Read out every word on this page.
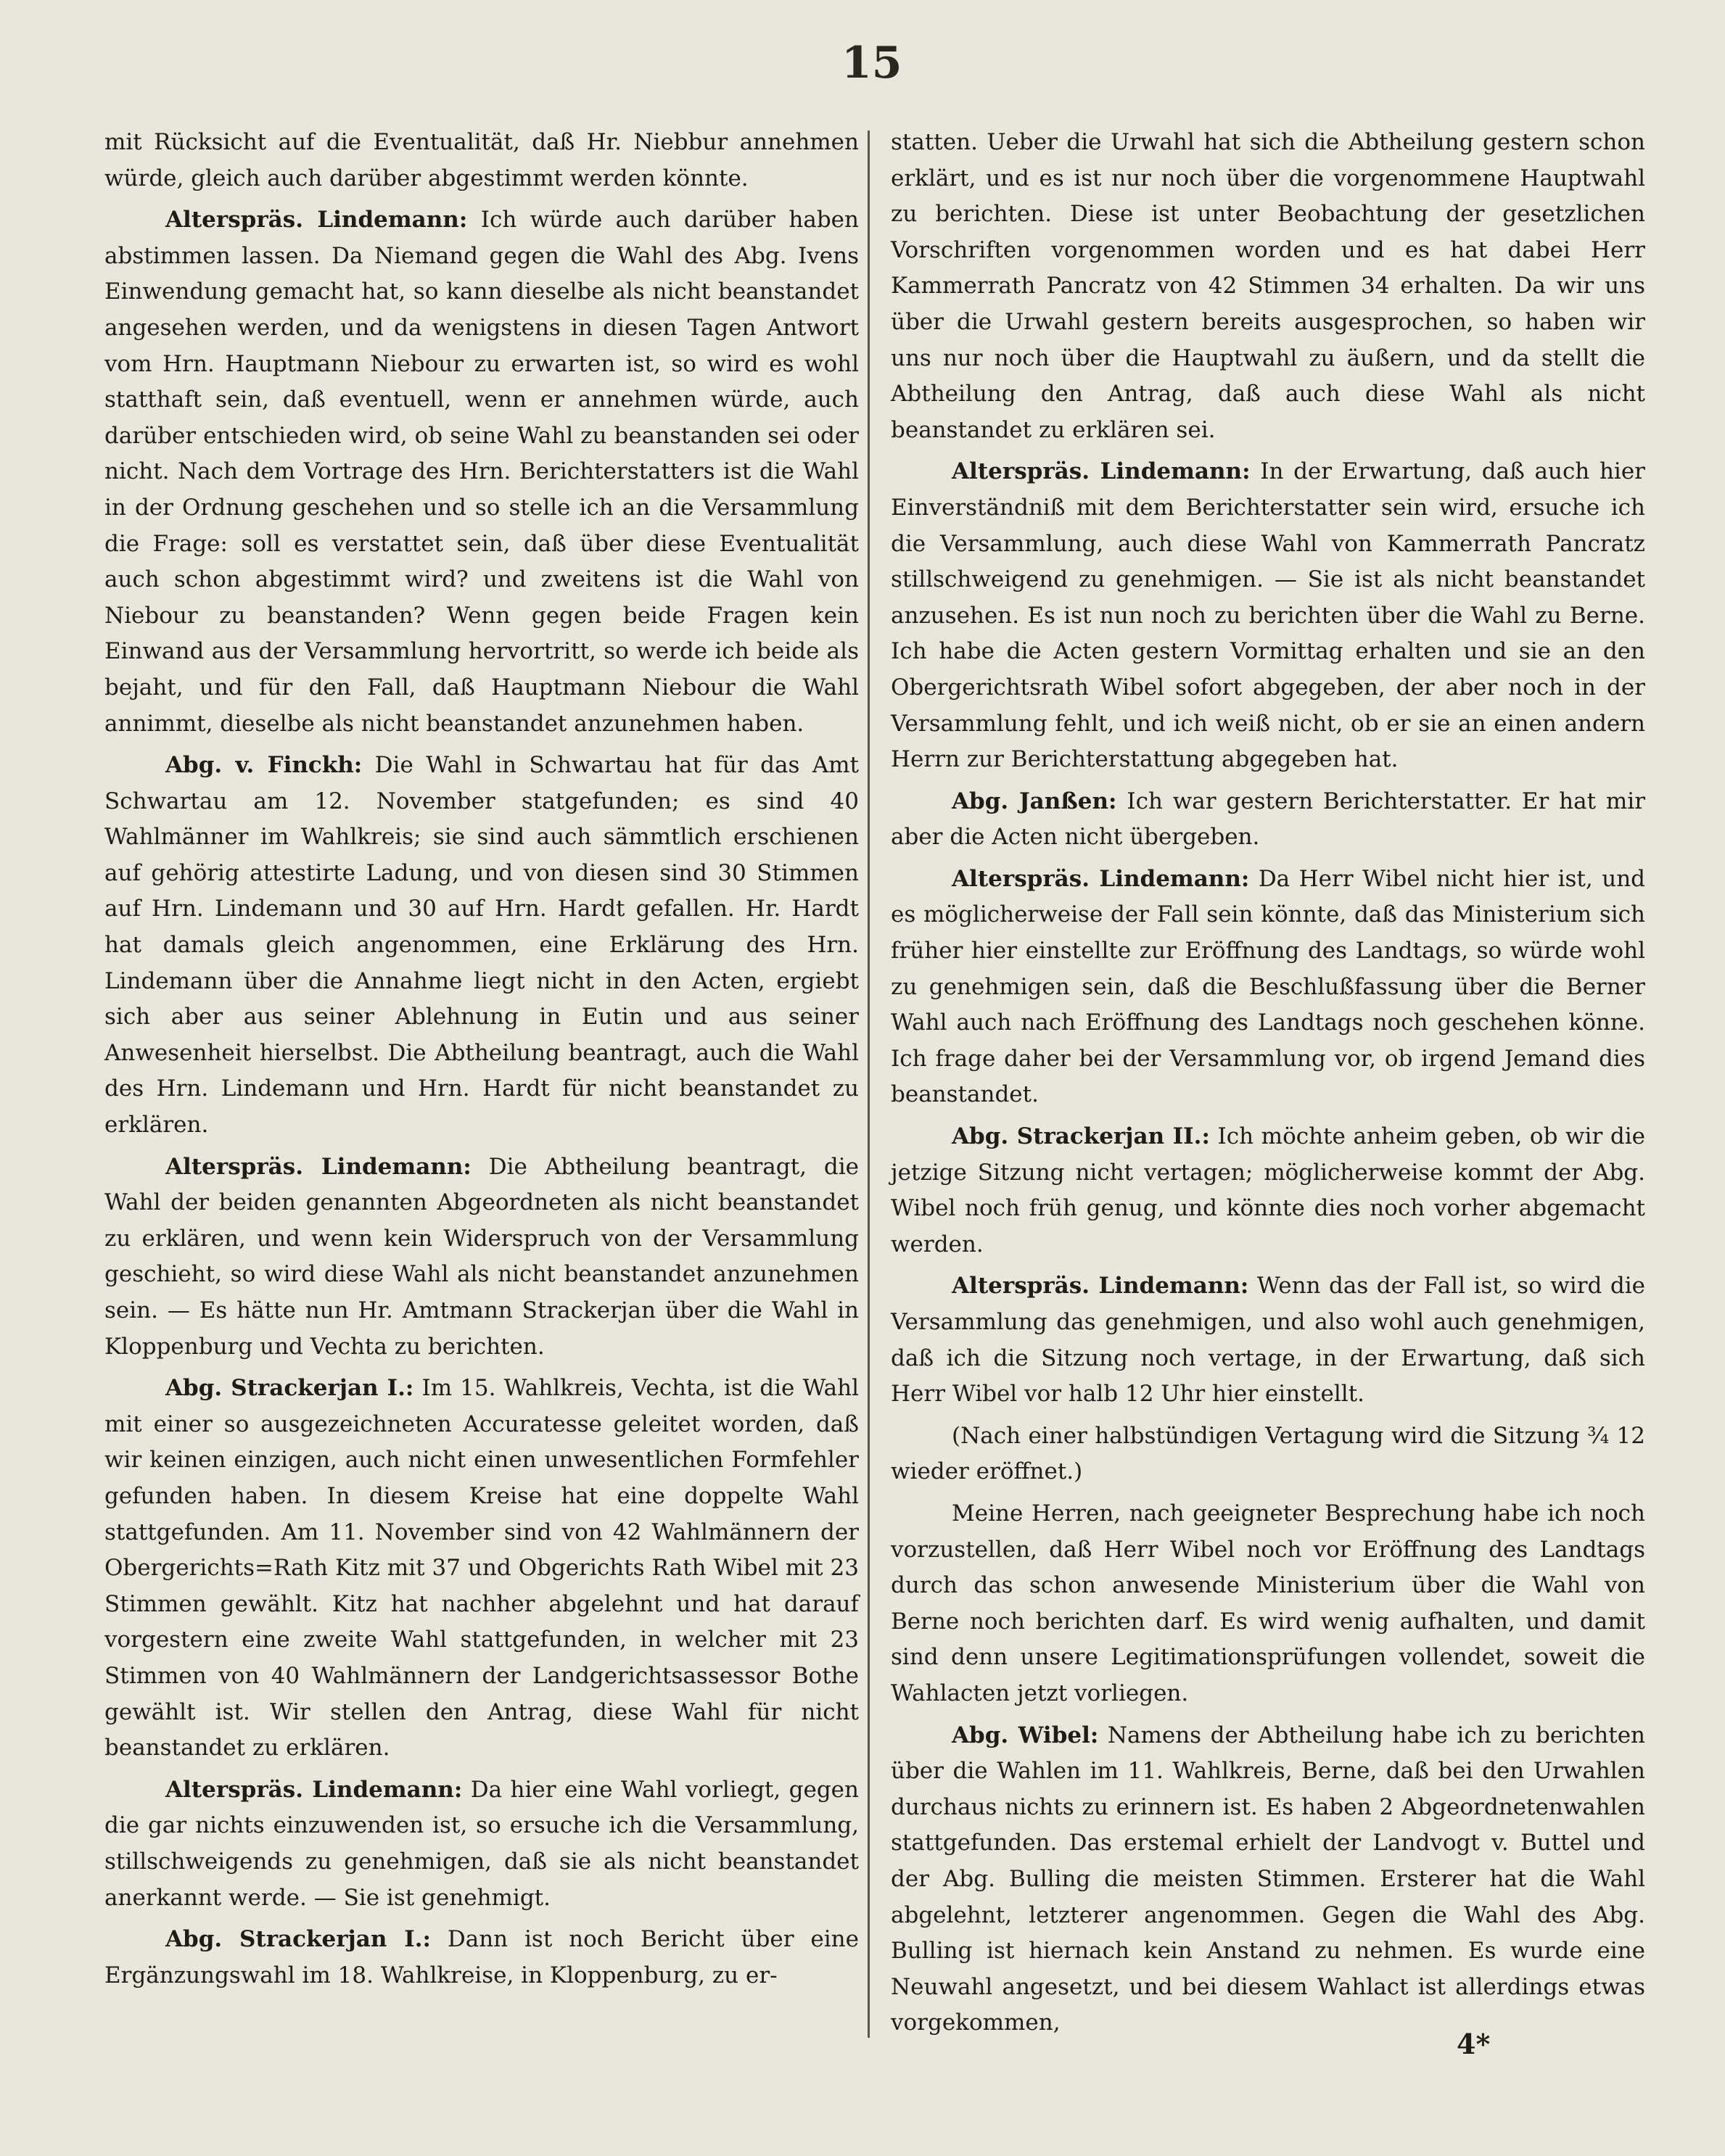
15

mit Rücksicht auf die Eventualität, daß Hr. Niebbur annehmen würde, gleich auch darüber abgestimmt werden könnte.

Alterspräs. Lindemann: Ich würde auch darüber haben abstimmen lassen. Da Niemand gegen die Wahl des Abg. Ivens Einwendung gemacht hat, so kann dieselbe als nicht beanstandet angesehen werden, und da wenigstens in diesen Tagen Antwort vom Hrn. Hauptmann Niebour zu erwarten ist, so wird es wohl statthaft sein, daß eventuell, wenn er annehmen würde, auch darüber entschieden wird, ob seine Wahl zu beanstanden sei oder nicht. Nach dem Vortrage des Hrn. Berichterstatters ist die Wahl in der Ordnung geschehen und so stelle ich an die Versammlung die Frage: soll es verstattet sein, daß über diese Eventualität auch schon abgestimmt wird? und zweitens ist die Wahl von Niebour zu beanstanden? Wenn gegen beide Fragen kein Einwand aus der Versammlung hervortritt, so werde ich beide als bejaht, und für den Fall, daß Hauptmann Niebour die Wahl annimmt, dieselbe als nicht beanstandet anzunehmen haben.

Abg. v. Finckh: Die Wahl in Schwartau hat für das Amt Schwartau am 12. November statgefunden; es sind 40 Wahlmänner im Wahlkreis; sie sind auch sämmtlich erschienen auf gehörig attestirte Ladung, und von diesen sind 30 Stimmen auf Hrn. Lindemann und 30 auf Hrn. Hardt gefallen. Hr. Hardt hat damals gleich angenommen, eine Erklärung des Hrn. Lindemann über die Annahme liegt nicht in den Acten, ergiebt sich aber aus seiner Ablehnung in Eutin und aus seiner Anwesenheit hierselbst. Die Abtheilung beantragt, auch die Wahl des Hrn. Lindemann und Hrn. Hardt für nicht beanstandet zu erklären.

Alterspräs. Lindemann: Die Abtheilung beantragt, die Wahl der beiden genannten Abgeordneten als nicht beanstandet zu erklären, und wenn kein Widerspruch von der Versammlung geschieht, so wird diese Wahl als nicht beanstandet anzunehmen sein. — Es hätte nun Hr. Amtmann Strackerjan über die Wahl in Kloppenburg und Vechta zu berichten.

Abg. Strackerjan I.: Im 15. Wahlkreis, Vechta, ist die Wahl mit einer so ausgezeichneten Accuratesse geleitet worden, daß wir keinen einzigen, auch nicht einen unwesentlichen Formfehler gefunden haben. In diesem Kreise hat eine doppelte Wahl stattgefunden. Am 11. November sind von 42 Wahlmännern der Obergerichts=Rath Kitz mit 37 und Obgerichts Rath Wibel mit 23 Stimmen gewählt. Kitz hat nachher abgelehnt und hat darauf vorgestern eine zweite Wahl stattgefunden, in welcher mit 23 Stimmen von 40 Wahlmännern der Landgerichtsassessor Bothe gewählt ist. Wir stellen den Antrag, diese Wahl für nicht beanstandet zu erklären.

Alterspräs. Lindemann: Da hier eine Wahl vorliegt, gegen die gar nichts einzuwenden ist, so ersuche ich die Versammlung, stillschweigends zu genehmigen, daß sie als nicht beanstandet anerkannt werde. — Sie ist genehmigt.

Abg. Strackerjan I.: Dann ist noch Bericht über eine Ergänzungswahl im 18. Wahlkreise, in Kloppenburg, zu er-

statten. Ueber die Urwahl hat sich die Abtheilung gestern schon erklärt, und es ist nur noch über die vorgenommene Hauptwahl zu berichten. Diese ist unter Beobachtung der gesetzlichen Vorschriften vorgenommen worden und es hat dabei Herr Kammerrath Pancratz von 42 Stimmen 34 erhalten. Da wir uns über die Urwahl gestern bereits ausgesprochen, so haben wir uns nur noch über die Hauptwahl zu äußern, und da stellt die Abtheilung den Antrag, daß auch diese Wahl als nicht beanstandet zu erklären sei.

Alterspräs. Lindemann: In der Erwartung, daß auch hier Einverständniß mit dem Berichterstatter sein wird, ersuche ich die Versammlung, auch diese Wahl von Kammerrath Pancratz stillschweigend zu genehmigen. — Sie ist als nicht beanstandet anzusehen. Es ist nun noch zu berichten über die Wahl zu Berne. Ich habe die Acten gestern Vormittag erhalten und sie an den Obergerichtsrath Wibel sofort abgegeben, der aber noch in der Versammlung fehlt, und ich weiß nicht, ob er sie an einen andern Herrn zur Berichterstattung abgegeben hat.

Abg. Janßen: Ich war gestern Berichterstatter. Er hat mir aber die Acten nicht übergeben.

Alterspräs. Lindemann: Da Herr Wibel nicht hier ist, und es möglicherweise der Fall sein könnte, daß das Ministerium sich früher hier einstellte zur Eröffnung des Landtags, so würde wohl zu genehmigen sein, daß die Beschlußfassung über die Berner Wahl auch nach Eröffnung des Landtags noch geschehen könne. Ich frage daher bei der Versammlung vor, ob irgend Jemand dies beanstandet.

Abg. Strackerjan II.: Ich möchte anheim geben, ob wir die jetzige Sitzung nicht vertagen; möglicherweise kommt der Abg. Wibel noch früh genug, und könnte dies noch vorher abgemacht werden.

Alterspräs. Lindemann: Wenn das der Fall ist, so wird die Versammlung das genehmigen, und also wohl auch genehmigen, daß ich die Sitzung noch vertage, in der Erwartung, daß sich Herr Wibel vor halb 12 Uhr hier einstellt.

(Nach einer halbstündigen Vertagung wird die Sitzung ¾ 12 wieder eröffnet.)

Meine Herren, nach geeigneter Besprechung habe ich noch vorzustellen, daß Herr Wibel noch vor Eröffnung des Landtags durch das schon anwesende Ministerium über die Wahl von Berne noch berichten darf. Es wird wenig aufhalten, und damit sind denn unsere Legitimationsprüfungen vollendet, soweit die Wahlacten jetzt vorliegen.

Abg. Wibel: Namens der Abtheilung habe ich zu berichten über die Wahlen im 11. Wahlkreis, Berne, daß bei den Urwahlen durchaus nichts zu erinnern ist. Es haben 2 Abgeordnetenwahlen stattgefunden. Das erstemal erhielt der Landvogt v. Buttel und der Abg. Bulling die meisten Stimmen. Ersterer hat die Wahl abgelehnt, letzterer angenommen. Gegen die Wahl des Abg. Bulling ist hiernach kein Anstand zu nehmen. Es wurde eine Neuwahl angesetzt, und bei diesem Wahlact ist allerdings etwas vorgekommen,

4*
